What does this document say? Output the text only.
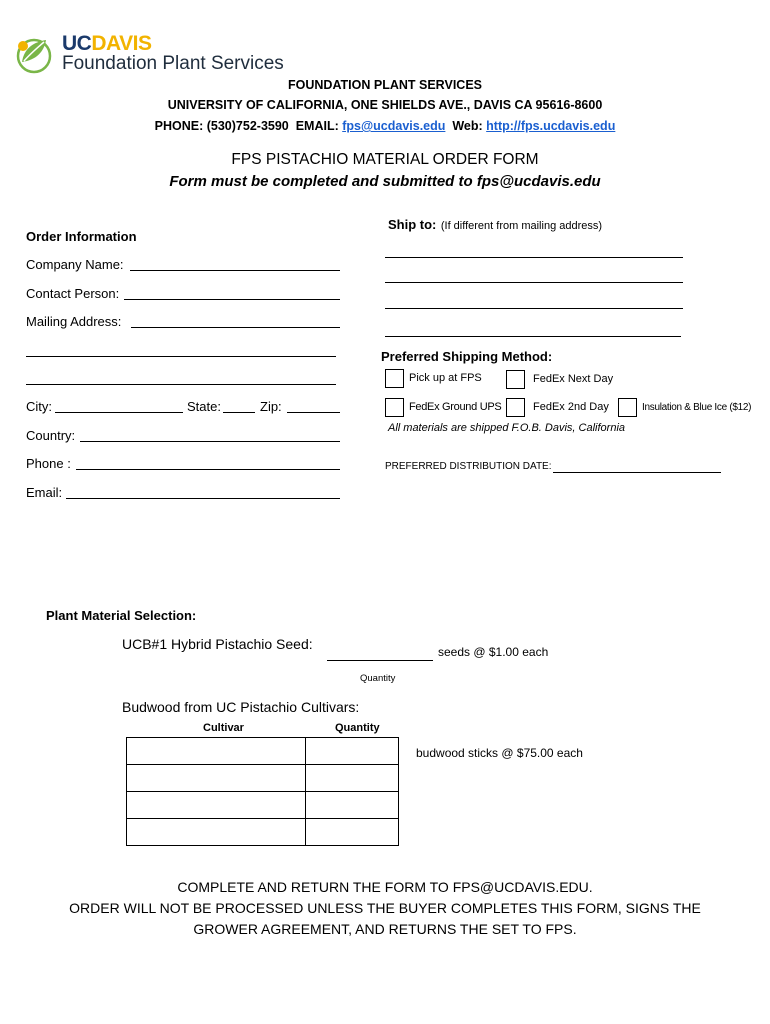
UCDAVIS
Foundation Plant Services
FOUNDATION PLANT SERVICES
UNIVERSITY OF CALIFORNIA, ONE SHIELDS AVE., DAVIS CA 95616-8600
PHONE: (530)752-3590  EMAIL: fps@ucdavis.edu  Web: http://fps.ucdavis.edu
FPS PISTACHIO MATERIAL ORDER FORM
Form must be completed and submitted to fps@ucdavis.edu
Order Information
Company Name:
Contact Person:
Mailing Address:
City:	State:	Zip:
Country:
Phone :
Email:
Ship to: (If different from mailing address)
Preferred Shipping Method:
Pick up at FPS	FedEx Next Day
FedEx Ground UPS	FedEx 2nd Day	Insulation & Blue Ice ($12)
All materials are shipped F.O.B. Davis, California
PREFERRED DISTRIBUTION DATE:
Plant Material Selection:
UCB#1 Hybrid Pistachio Seed:	seeds @ $1.00 each
Quantity
Budwood from UC Pistachio Cultivars:
Cultivar	Quantity

budwood sticks @ $75.00 each
COMPLETE AND RETURN THE FORM TO FPS@UCDAVIS.EDU.
ORDER WILL NOT BE PROCESSED UNLESS THE BUYER COMPLETES THIS FORM, SIGNS THE
GROWER AGREEMENT, AND RETURNS THE SET TO FPS.
